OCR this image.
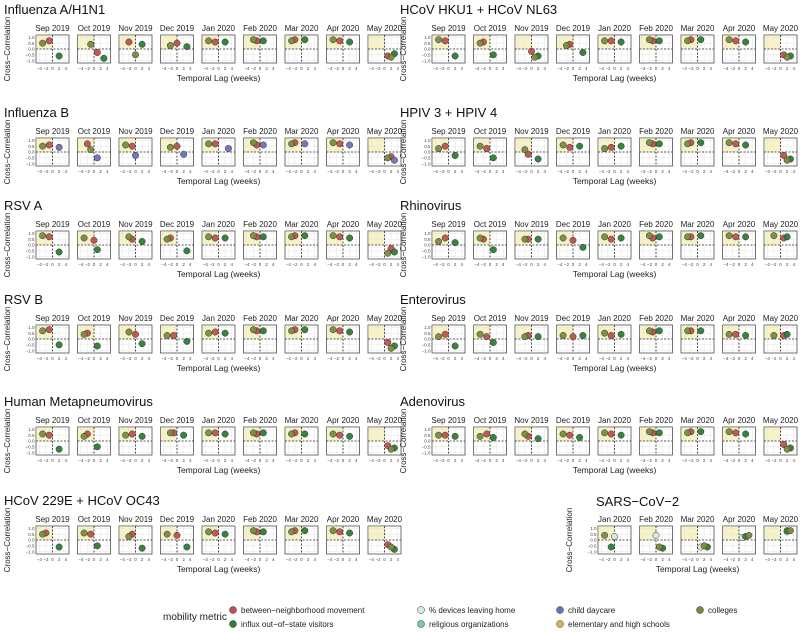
Influenza A/H1N1
Cross−Correlation	Sep 2019
−4 −2 0 2 4
1.0
0.5
0.0
−0.5
−1.0
Oct 2019
−4 −2 0 2 4
Nov 2019
−4 −2 0 2 4
Dec 2019
−4 −2 0 2 4
Jan 2020
−4 −2 0 2 4
Feb 2020
−4 −2 0 2 4
Mar 2020
−4 −2 0 2 4
Apr 2020
−4 −2 0 2 4
May 2020
−4 −2 0 2 4
Temporal Lag (weeks)
Influenza B
Cross−Correlation	Sep 2019
−4 −2 0 2 4
1.0
0.5
0.0
−0.5
−1.0
Oct 2019
−4 −2 0 2 4
Nov 2019
−4 −2 0 2 4
Dec 2019
−4 −2 0 2 4
Jan 2020
−4 −2 0 2 4
Feb 2020
−4 −2 0 2 4
Mar 2020
−4 −2 0 2 4
Apr 2020
−4 −2 0 2 4
May 2020
−4 −2 0 2 4
Temporal Lag (weeks)
RSV A
Cross−Correlation	Sep 2019
−4 −2 0 2 4
1.0
0.5
0.0
−0.5
−1.0
Oct 2019
−4 −2 0 2 4
Nov 2019
−4 −2 0 2 4
Dec 2019
−4 −2 0 2 4
Jan 2020
−4 −2 0 2 4
Feb 2020
−4 −2 0 2 4
Mar 2020
−4 −2 0 2 4
Apr 2020
−4 −2 0 2 4
May 2020
−4 −2 0 2 4
Temporal Lag (weeks)
RSV B
Cross−Correlation	Sep 2019
−4 −2 0 2 4
1.0
0.5
0.0
−0.5
−1.0
Oct 2019
−4 −2 0 2 4
Nov 2019
−4 −2 0 2 4
Dec 2019
−4 −2 0 2 4
Jan 2020
−4 −2 0 2 4
Feb 2020
−4 −2 0 2 4
Mar 2020
−4 −2 0 2 4
Apr 2020
−4 −2 0 2 4
May 2020
−4 −2 0 2 4
Temporal Lag (weeks)
Human Metapneumovirus
Cross−Correlation	Sep 2019
−4 −2 0 2 4
1.0
0.5
0.0
−0.5
−1.0
Oct 2019
−4 −2 0 2 4
Nov 2019
−4 −2 0 2 4
Dec 2019
−4 −2 0 2 4
Jan 2020
−4 −2 0 2 4
Feb 2020
−4 −2 0 2 4
Mar 2020
−4 −2 0 2 4
Apr 2020
−4 −2 0 2 4
May 2020
−4 −2 0 2 4
Temporal Lag (weeks)
HCoV 229E + HCoV OC43
Cross−Correlation	Sep 2019
−4 −2 0 2 4
1.0
0.5
0.0
−0.5
−1.0
Oct 2019
−4 −2 0 2 4
Nov 2019
−4 −2 0 2 4
Dec 2019
−4 −2 0 2 4
Jan 2020
−4 −2 0 2 4
Feb 2020
−4 −2 0 2 4
Mar 2020
−4 −2 0 2 4
Apr 2020
−4 −2 0 2 4
May 2020
−4 −2 0 2 4
Temporal Lag (weeks)
HCoV HKU1 + HCoV NL63
Cross−Correlation	Sep 2019
−4 −2 0 2 4
1.0
0.5
0.0
−0.5
−1.0
Oct 2019
−4 −2 0 2 4
Nov 2019
−4 −2 0 2 4
Dec 2019
−4 −2 0 2 4
Jan 2020
−4 −2 0 2 4
Feb 2020
−4 −2 0 2 4
Mar 2020
−4 −2 0 2 4
Apr 2020
−4 −2 0 2 4
May 2020
−4 −2 0 2 4
Temporal Lag (weeks)
HPIV 3 + HPIV 4
Cross−Correlation	Sep 2019
−4 −2 0 2 4
1.0
0.5
0.0
−0.5
−1.0
Oct 2019
−4 −2 0 2 4
Nov 2019
−4 −2 0 2 4
Dec 2019
−4 −2 0 2 4
Jan 2020
−4 −2 0 2 4
Feb 2020
−4 −2 0 2 4
Mar 2020
−4 −2 0 2 4
Apr 2020
−4 −2 0 2 4
May 2020
−4 −2 0 2 4
Temporal Lag (weeks)
Rhinovirus
Cross−Correlation	Sep 2019
−4 −2 0 2 4
1.0
0.5
0.0
−0.5
−1.0
Oct 2019
−4 −2 0 2 4
Nov 2019
−4 −2 0 2 4
Dec 2019
−4 −2 0 2 4
Jan 2020
−4 −2 0 2 4
Feb 2020
−4 −2 0 2 4
Mar 2020
−4 −2 0 2 4
Apr 2020
−4 −2 0 2 4
May 2020
−4 −2 0 2 4
Temporal Lag (weeks)
Enterovirus
Cross−Correlation	Sep 2019
−4 −2 0 2 4
1.0
0.5
0.0
−0.5
−1.0
Oct 2019
−4 −2 0 2 4
Nov 2019
−4 −2 0 2 4
Dec 2019
−4 −2 0 2 4
Jan 2020
−4 −2 0 2 4
Feb 2020
−4 −2 0 2 4
Mar 2020
−4 −2 0 2 4
Apr 2020
−4 −2 0 2 4
May 2020
−4 −2 0 2 4
Temporal Lag (weeks)
Adenovirus
Cross−Correlation	Sep 2019
−4 −2 0 2 4
1.0
0.5
0.0
−0.5
−1.0
Oct 2019
−4 −2 0 2 4
Nov 2019
−4 −2 0 2 4
Dec 2019
−4 −2 0 2 4
Jan 2020
−4 −2 0 2 4
Feb 2020
−4 −2 0 2 4
Mar 2020
−4 −2 0 2 4
Apr 2020
−4 −2 0 2 4
May 2020
−4 −2 0 2 4
Temporal Lag (weeks)
SARS−CoV−2
Cross−Correlation	Jan 2020
−4 −2 0 2 4
1.0
0.5
0.0
−0.5
−1.0
Feb 2020
−4 −2 0 2 4
Mar 2020
−4 −2 0 2 4
Apr 2020
−4 −2 0 2 4
May 2020
−4 −2 0 2 4
Temporal Lag (weeks)
mobility metric
between−neighborhood movement
influx out−of−state visitors
% devices leaving home
religious organizations
child daycare
elementary and high schools
colleges
